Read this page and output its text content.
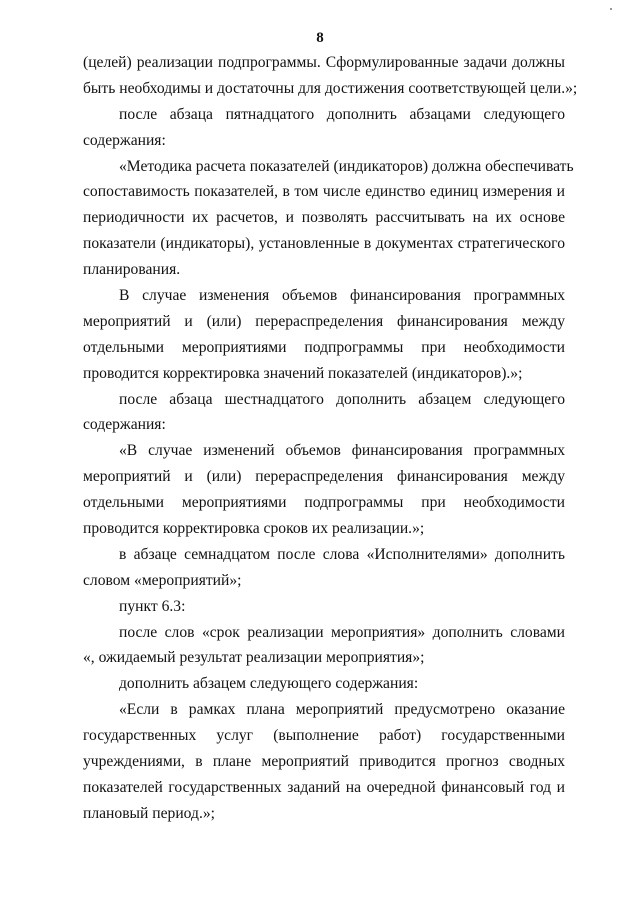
8
(целей) реализации подпрограммы. Сформулированные задачи должны
быть необходимы и достаточны для достижения соответствующей цели.»;
после абзаца пятнадцатого дополнить абзацами следующего
содержания:
«Методика расчета показателей (индикаторов) должна обеспечивать
сопоставимость показателей, в том числе единство единиц измерения и
периодичности их расчетов, и позволять рассчитывать на их основе
показатели (индикаторы), установленные в документах стратегического
планирования.
В случае изменения объемов финансирования программных
мероприятий и (или) перераспределения финансирования между
отдельными мероприятиями подпрограммы при необходимости
проводится корректировка значений показателей (индикаторов).»;
после абзаца шестнадцатого дополнить абзацем следующего
содержания:
«В случае изменений объемов финансирования программных
мероприятий и (или) перераспределения финансирования между
отдельными мероприятиями подпрограммы при необходимости
проводится корректировка сроков их реализации.»;
в абзаце семнадцатом после слова «Исполнителями» дополнить
словом «мероприятий»;
пункт 6.3:
после слов «срок реализации мероприятия» дополнить словами
«, ожидаемый результат реализации мероприятия»;
дополнить абзацем следующего содержания:
«Если в рамках плана мероприятий предусмотрено оказание
государственных услуг (выполнение работ) государственными
учреждениями, в плане мероприятий приводится прогноз сводных
показателей государственных заданий на очередной финансовый год и
плановый период.»;
